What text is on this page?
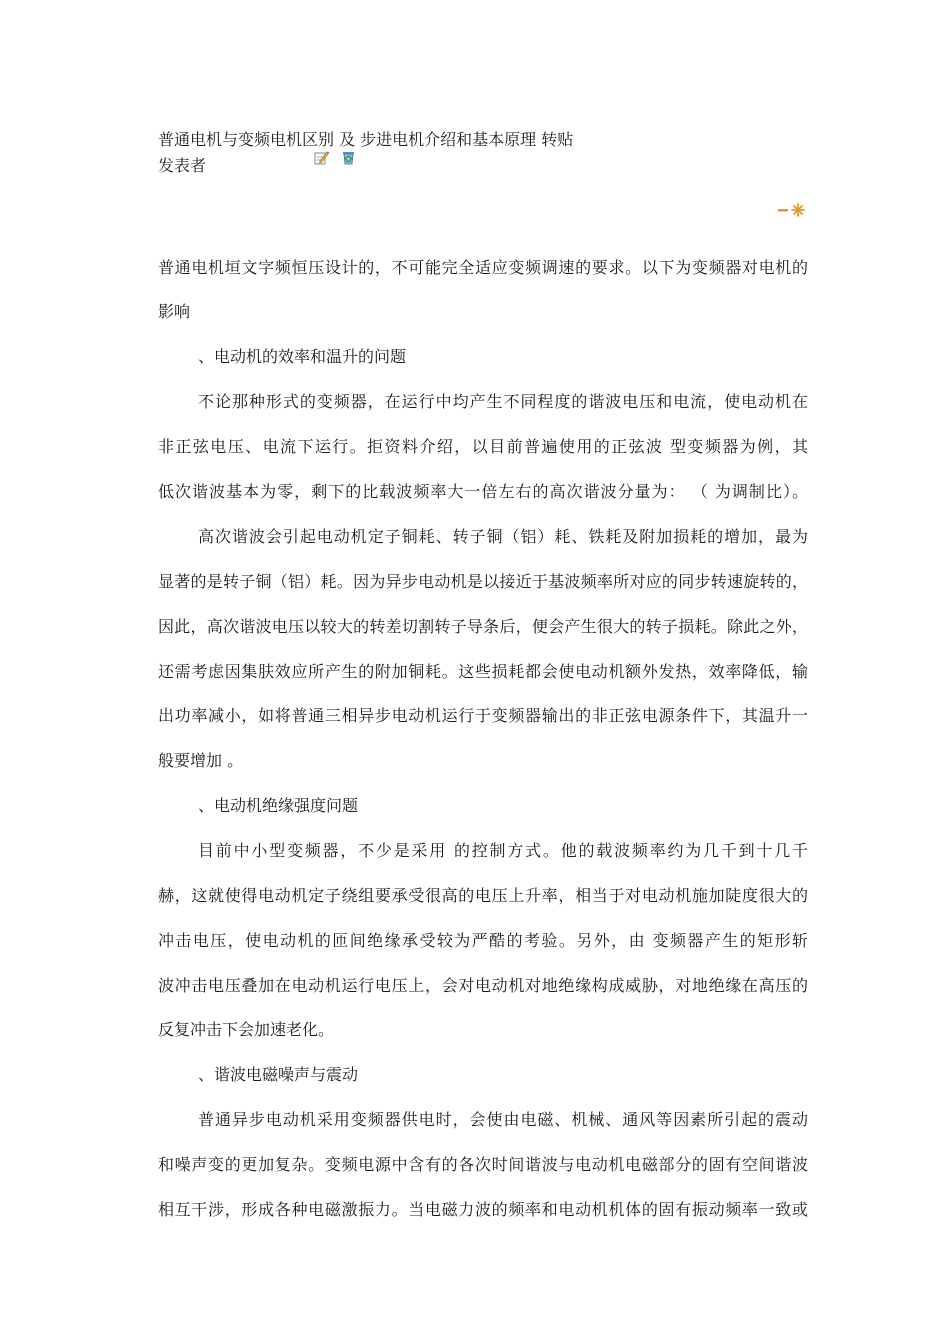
普通电机与变频电机区别 及 步进电机介绍和基本原理 转贴
发表者
普通电机垣文字频恒压设计的，不可能完全适应变频调速的要求。以下为变频器对电机的
影响
、电动机的效率和温升的问题
不论那种形式的变频器，在运行中均产生不同程度的谐波电压和电流，使电动机在
非正弦电压、电流下运行。拒资料介绍，以目前普遍使用的正弦波 型变频器为例，其
低次谐波基本为零，剩下的比载波频率大一倍左右的高次谐波分量为： （ 为调制比）。
高次谐波会引起电动机定子铜耗、转子铜（铝）耗、铁耗及附加损耗的增加，最为
显著的是转子铜（铝）耗。因为异步电动机是以接近于基波频率所对应的同步转速旋转的，
因此，高次谐波电压以较大的转差切割转子导条后，便会产生很大的转子损耗。除此之外，
还需考虑因集肤效应所产生的附加铜耗。这些损耗都会使电动机额外发热，效率降低，输
出功率减小，如将普通三相异步电动机运行于变频器输出的非正弦电源条件下，其温升一
般要增加 。
、电动机绝缘强度问题
目前中小型变频器，不少是采用 的控制方式。他的载波频率约为几千到十几千
赫，这就使得电动机定子绕组要承受很高的电压上升率，相当于对电动机施加陡度很大的
冲击电压，使电动机的匝间绝缘承受较为严酷的考验。另外，由 变频器产生的矩形斩
波冲击电压叠加在电动机运行电压上，会对电动机对地绝缘构成威胁，对地绝缘在高压的
反复冲击下会加速老化。
、谐波电磁噪声与震动
普通异步电动机采用变频器供电时，会使由电磁、机械、通风等因素所引起的震动
和噪声变的更加复杂。变频电源中含有的各次时间谐波与电动机电磁部分的固有空间谐波
相互干涉，形成各种电磁激振力。当电磁力波的频率和电动机机体的固有振动频率一致或
